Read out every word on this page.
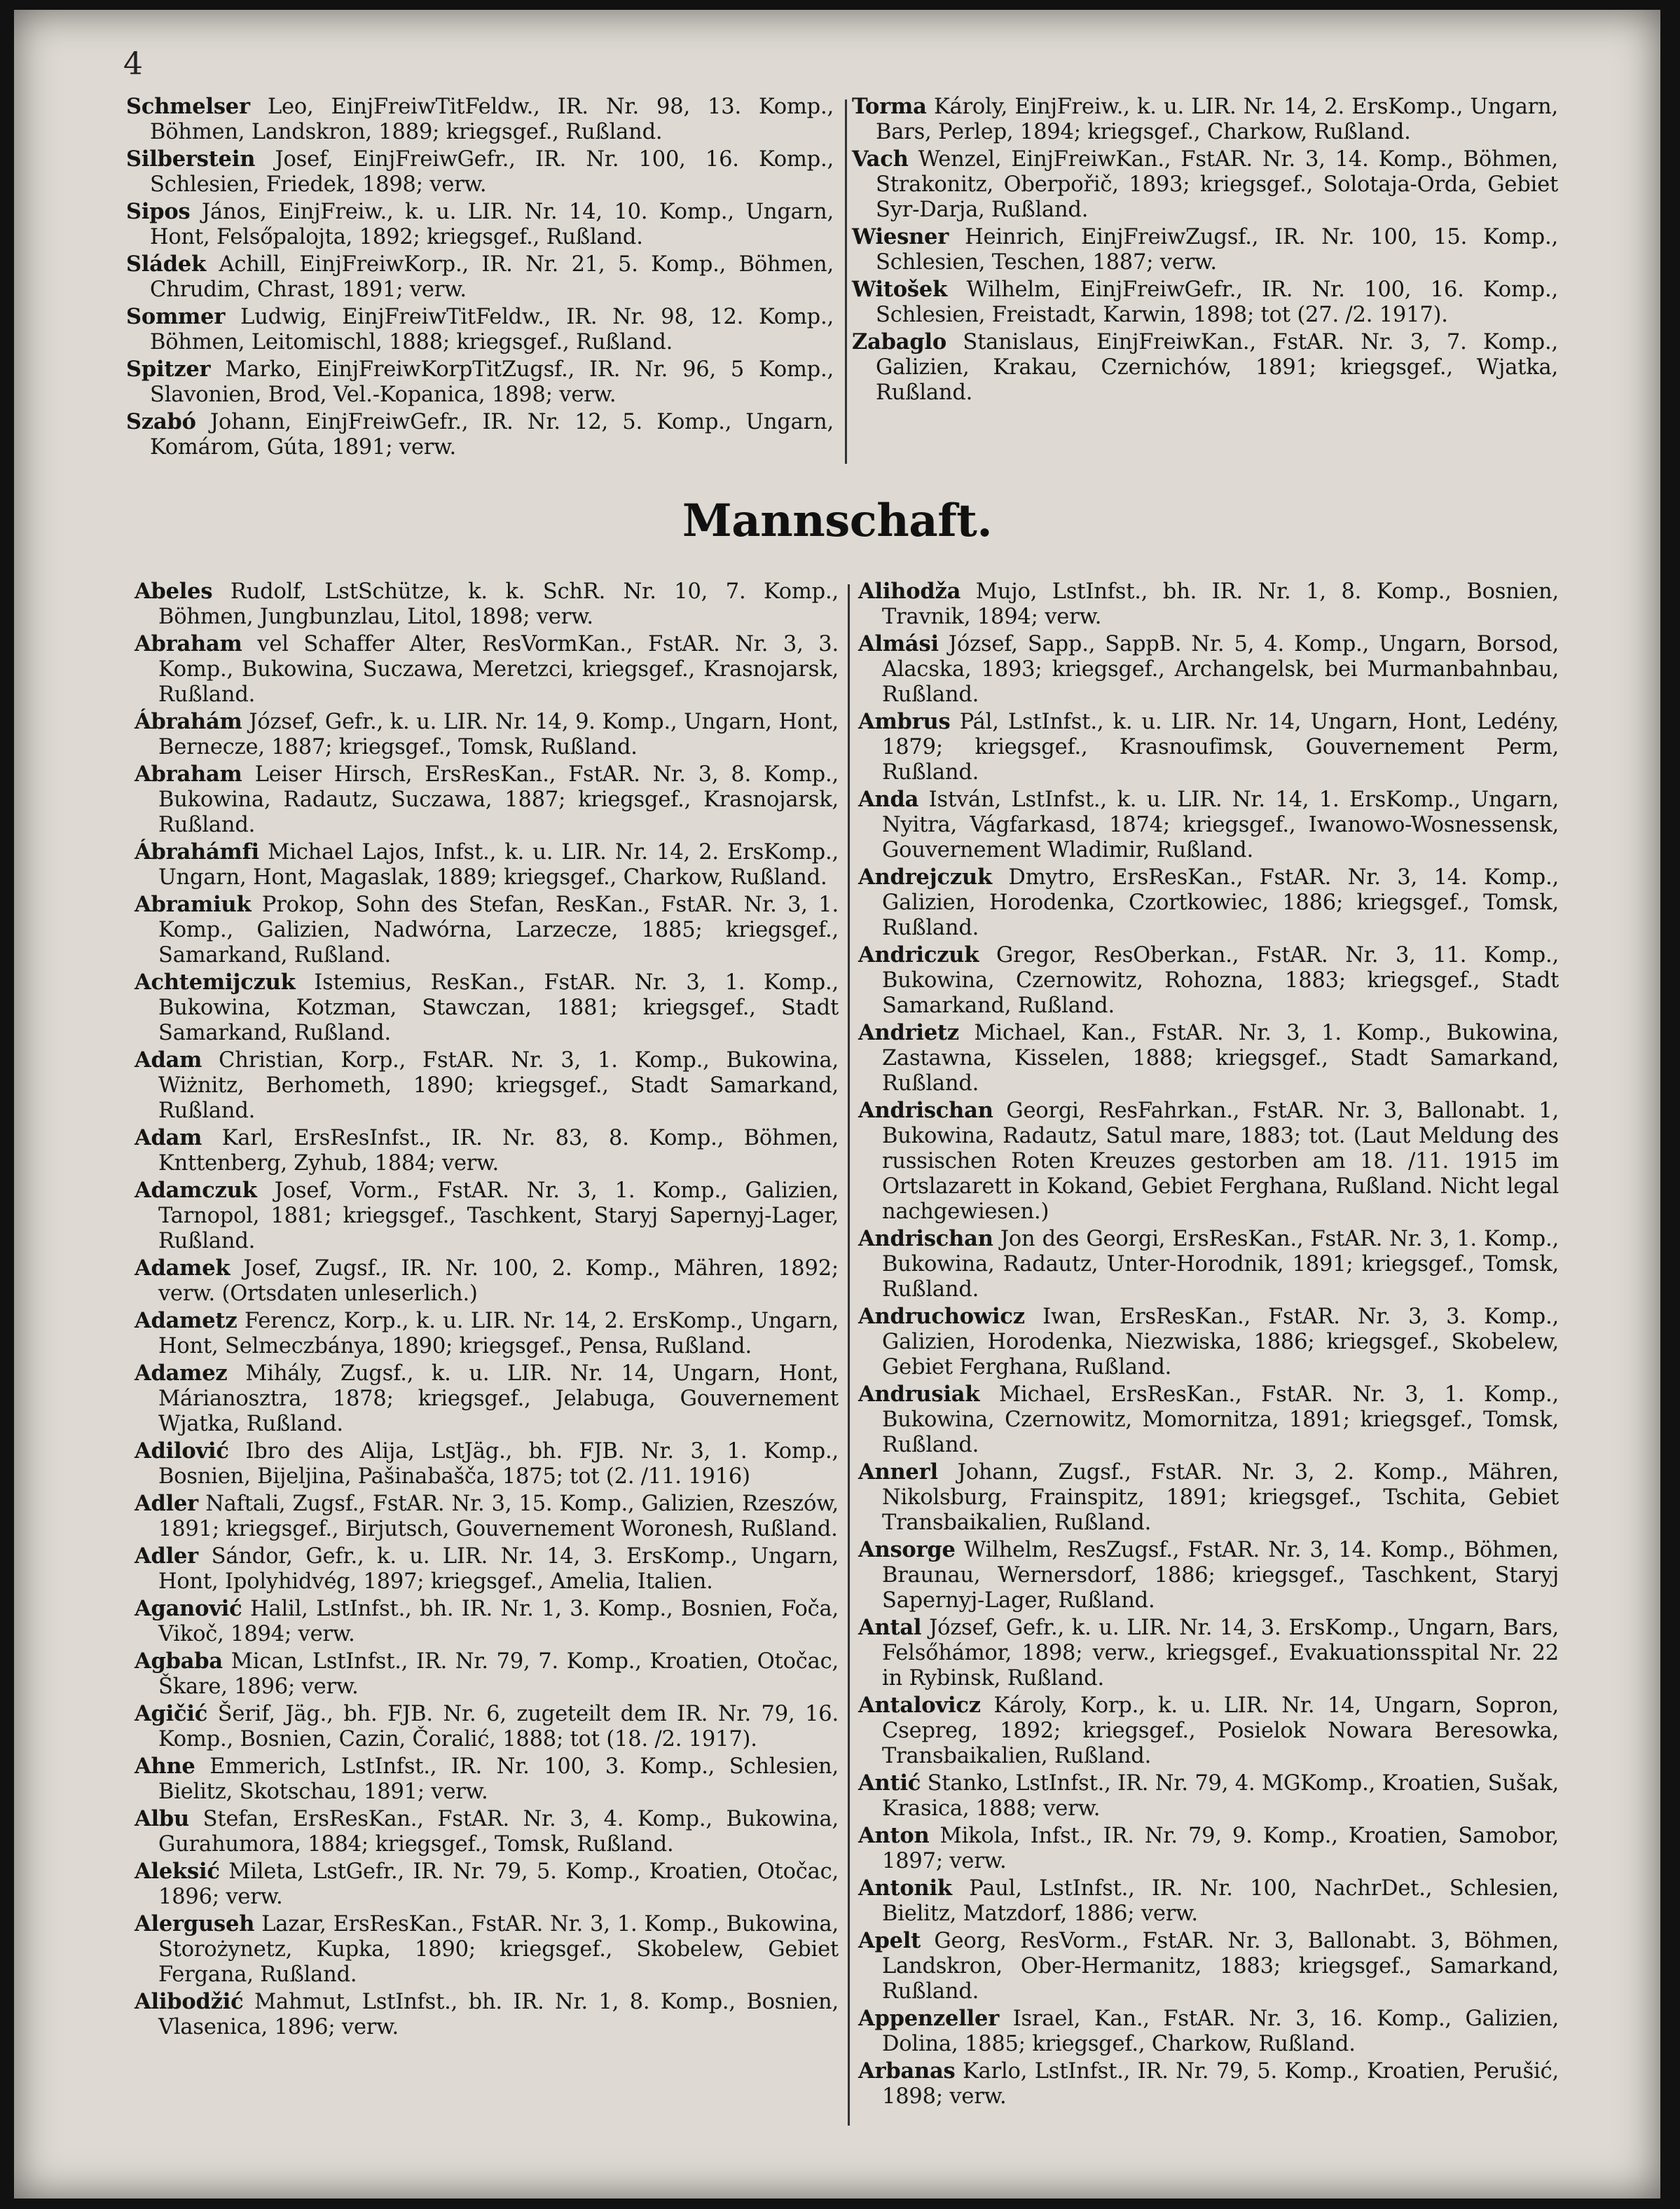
4
Schmelser Leo, EinjFreiwTitFeldw., IR. Nr. 98, 13. Komp., Böhmen, Landskron, 1889; kriegsgef., Rußland.
Silberstein Josef, EinjFreiwGefr., IR. Nr. 100, 16. Komp., Schlesien, Friedek, 1898; verw.
Sipos János, EinjFreiw., k. u. LIR. Nr. 14, 10. Komp., Ungarn, Hont, Felsőpalojta, 1892; kriegsgef., Rußland.
Sládek Achill, EinjFreiwKorp., IR. Nr. 21, 5. Komp., Böhmen, Chrudim, Chrast, 1891; verw.
Sommer Ludwig, EinjFreiwTitFeldw., IR. Nr. 98, 12. Komp., Böhmen, Leitomischl, 1888; kriegsgef., Rußland.
Spitzer Marko, EinjFreiwKorpTitZugsf., IR. Nr. 96, 5 Komp., Slavonien, Brod, Vel.-Kopanica, 1898; verw.
Szabó Johann, EinjFreiwGefr., IR. Nr. 12, 5. Komp., Ungarn, Komárom, Gúta, 1891; verw.
Torma Károly, EinjFreiw., k. u. LIR. Nr. 14, 2. ErsKomp., Ungarn, Bars, Perlep, 1894; kriegsgef., Charkow, Rußland.
Vach Wenzel, EinjFreiwKan., FstAR. Nr. 3, 14. Komp., Böhmen, Strakonitz, Oberpořič, 1893; kriegsgef., Solotaja-Orda, Gebiet Syr-Darja, Rußland.
Wiesner Heinrich, EinjFreiwZugsf., IR. Nr. 100, 15. Komp., Schlesien, Teschen, 1887; verw.
Witošek Wilhelm, EinjFreiwGefr., IR. Nr. 100, 16. Komp., Schlesien, Freistadt, Karwin, 1898; tot (27. /2. 1917).
Zabaglo Stanislaus, EinjFreiwKan., FstAR. Nr. 3, 7. Komp., Galizien, Krakau, Czernichów, 1891; kriegsgef., Wjatka, Rußland.
Mannschaft.
Abeles Rudolf, LstSchütze, k. k. SchR. Nr. 10, 7. Komp., Böhmen, Jungbunzlau, Litol, 1898; verw.
Abraham vel Schaffer Alter, ResVormKan., FstAR. Nr. 3, 3. Komp., Bukowina, Suczawa, Meretzci, kriegsgef., Krasnojarsk, Rußland.
Ábrahám József, Gefr., k. u. LIR. Nr. 14, 9. Komp., Ungarn, Hont, Bernecze, 1887; kriegsgef., Tomsk, Rußland.
Abraham Leiser Hirsch, ErsResKan., FstAR. Nr. 3, 8. Komp., Bukowina, Radautz, Suczawa, 1887; kriegsgef., Krasnojarsk, Rußland.
Ábrahámfi Michael Lajos, Infst., k. u. LIR. Nr. 14, 2. ErsKomp., Ungarn, Hont, Magaslak, 1889; kriegsgef., Charkow, Rußland.
Abramiuk Prokop, Sohn des Stefan, ResKan., FstAR. Nr. 3, 1. Komp., Galizien, Nadwórna, Larzecze, 1885; kriegsgef., Samarkand, Rußland.
Achtemijczuk Istemius, ResKan., FstAR. Nr. 3, 1. Komp., Bukowina, Kotzman, Stawczan, 1881; kriegsgef., Stadt Samarkand, Rußland.
Adam Christian, Korp., FstAR. Nr. 3, 1. Komp., Bukowina, Wiżnitz, Berhometh, 1890; kriegsgef., Stadt Samarkand, Rußland.
Adam Karl, ErsResInfst., IR. Nr. 83, 8. Komp., Böhmen, Knttenberg, Zyhub, 1884; verw.
Adamczuk Josef, Vorm., FstAR. Nr. 3, 1. Komp., Galizien, Tarnopol, 1881; kriegsgef., Taschkent, Staryj Sapernyj-Lager, Rußland.
Adamek Josef, Zugsf., IR. Nr. 100, 2. Komp., Mähren, 1892; verw. (Ortsdaten unleserlich.)
Adametz Ferencz, Korp., k. u. LIR. Nr. 14, 2. ErsKomp., Ungarn, Hont, Selmeczbánya, 1890; kriegsgef., Pensa, Rußland.
Adamez Mihály, Zugsf., k. u. LIR. Nr. 14, Ungarn, Hont, Márianosztra, 1878; kriegsgef., Jelabuga, Gouvernement Wjatka, Rußland.
Adilović Ibro des Alija, LstJäg., bh. FJB. Nr. 3, 1. Komp., Bosnien, Bijeljina, Pašinabašča, 1875; tot (2. /11. 1916)
Adler Naftali, Zugsf., FstAR. Nr. 3, 15. Komp., Galizien, Rzeszów, 1891; kriegsgef., Birjutsch, Gouvernement Woronesh, Rußland.
Adler Sándor, Gefr., k. u. LIR. Nr. 14, 3. ErsKomp., Ungarn, Hont, Ipolyhidvég, 1897; kriegsgef., Amelia, Italien.
Aganović Halil, LstInfst., bh. IR. Nr. 1, 3. Komp., Bosnien, Foča, Vikoč, 1894; verw.
Agbaba Mican, LstInfst., IR. Nr. 79, 7. Komp., Kroatien, Otočac, Škare, 1896; verw.
Agičić Šerif, Jäg., bh. FJB. Nr. 6, zugeteilt dem IR. Nr. 79, 16. Komp., Bosnien, Cazin, Čoralić, 1888; tot (18. /2. 1917).
Ahne Emmerich, LstInfst., IR. Nr. 100, 3. Komp., Schlesien, Bielitz, Skotschau, 1891; verw.
Albu Stefan, ErsResKan., FstAR. Nr. 3, 4. Komp., Bukowina, Gurahumora, 1884; kriegsgef., Tomsk, Rußland.
Aleksić Mileta, LstGefr., IR. Nr. 79, 5. Komp., Kroatien, Otočac, 1896; verw.
Alerguseh Lazar, ErsResKan., FstAR. Nr. 3, 1. Komp., Bukowina, Storożynetz, Kupka, 1890; kriegsgef., Skobelew, Gebiet Fergana, Rußland.
Alibodžić Mahmut, LstInfst., bh. IR. Nr. 1, 8. Komp., Bosnien, Vlasenica, 1896; verw.
Alihodža Mujo, LstInfst., bh. IR. Nr. 1, 8. Komp., Bosnien, Travnik, 1894; verw.
Almási József, Sapp., SappB. Nr. 5, 4. Komp., Ungarn, Borsod, Alacska, 1893; kriegsgef., Archangelsk, bei Murmanbahnbau, Rußland.
Ambrus Pál, LstInfst., k. u. LIR. Nr. 14, Ungarn, Hont, Ledény, 1879; kriegsgef., Krasnoufimsk, Gouvernement Perm, Rußland.
Anda István, LstInfst., k. u. LIR. Nr. 14, 1. ErsKomp., Ungarn, Nyitra, Vágfarkasd, 1874; kriegsgef., Iwanowo-Wosnessensk, Gouvernement Wladimir, Rußland.
Andrejczuk Dmytro, ErsResKan., FstAR. Nr. 3, 14. Komp., Galizien, Horodenka, Czortkowiec, 1886; kriegsgef., Tomsk, Rußland.
Andriczuk Gregor, ResOberkan., FstAR. Nr. 3, 11. Komp., Bukowina, Czernowitz, Rohozna, 1883; kriegsgef., Stadt Samarkand, Rußland.
Andrietz Michael, Kan., FstAR. Nr. 3, 1. Komp., Bukowina, Zastawna, Kisselen, 1888; kriegsgef., Stadt Samarkand, Rußland.
Andrischan Georgi, ResFahrkan., FstAR. Nr. 3, Ballonabt. 1, Bukowina, Radautz, Satul mare, 1883; tot. (Laut Meldung des russischen Roten Kreuzes gestorben am 18. /11. 1915 im Ortslazarett in Kokand, Gebiet Ferghana, Rußland. Nicht legal nachgewiesen.)
Andrischan Jon des Georgi, ErsResKan., FstAR. Nr. 3, 1. Komp., Bukowina, Radautz, Unter-Horodnik, 1891; kriegsgef., Tomsk, Rußland.
Andruchowicz Iwan, ErsResKan., FstAR. Nr. 3, 3. Komp., Galizien, Horodenka, Niezwiska, 1886; kriegsgef., Skobelew, Gebiet Ferghana, Rußland.
Andrusiak Michael, ErsResKan., FstAR. Nr. 3, 1. Komp., Bukowina, Czernowitz, Momornitza, 1891; kriegsgef., Tomsk, Rußland.
Annerl Johann, Zugsf., FstAR. Nr. 3, 2. Komp., Mähren, Nikolsburg, Frainspitz, 1891; kriegsgef., Tschita, Gebiet Transbaikalien, Rußland.
Ansorge Wilhelm, ResZugsf., FstAR. Nr. 3, 14. Komp., Böhmen, Braunau, Wernersdorf, 1886; kriegsgef., Taschkent, Staryj Sapernyj-Lager, Rußland.
Antal József, Gefr., k. u. LIR. Nr. 14, 3. ErsKomp., Ungarn, Bars, Felsőhámor, 1898; verw., kriegsgef., Evakuationsspital Nr. 22 in Rybinsk, Rußland.
Antalovicz Károly, Korp., k. u. LIR. Nr. 14, Ungarn, Sopron, Csepreg, 1892; kriegsgef., Posielok Nowara Beresowka, Transbaikalien, Rußland.
Antić Stanko, LstInfst., IR. Nr. 79, 4. MGKomp., Kroatien, Sušak, Krasica, 1888; verw.
Anton Mikola, Infst., IR. Nr. 79, 9. Komp., Kroatien, Samobor, 1897; verw.
Antonik Paul, LstInfst., IR. Nr. 100, NachrDet., Schlesien, Bielitz, Matzdorf, 1886; verw.
Apelt Georg, ResVorm., FstAR. Nr. 3, Ballonabt. 3, Böhmen, Landskron, Ober-Hermanitz, 1883; kriegsgef., Samarkand, Rußland.
Appenzeller Israel, Kan., FstAR. Nr. 3, 16. Komp., Galizien, Dolina, 1885; kriegsgef., Charkow, Rußland.
Arbanas Karlo, LstInfst., IR. Nr. 79, 5. Komp., Kroatien, Perušić, 1898; verw.
